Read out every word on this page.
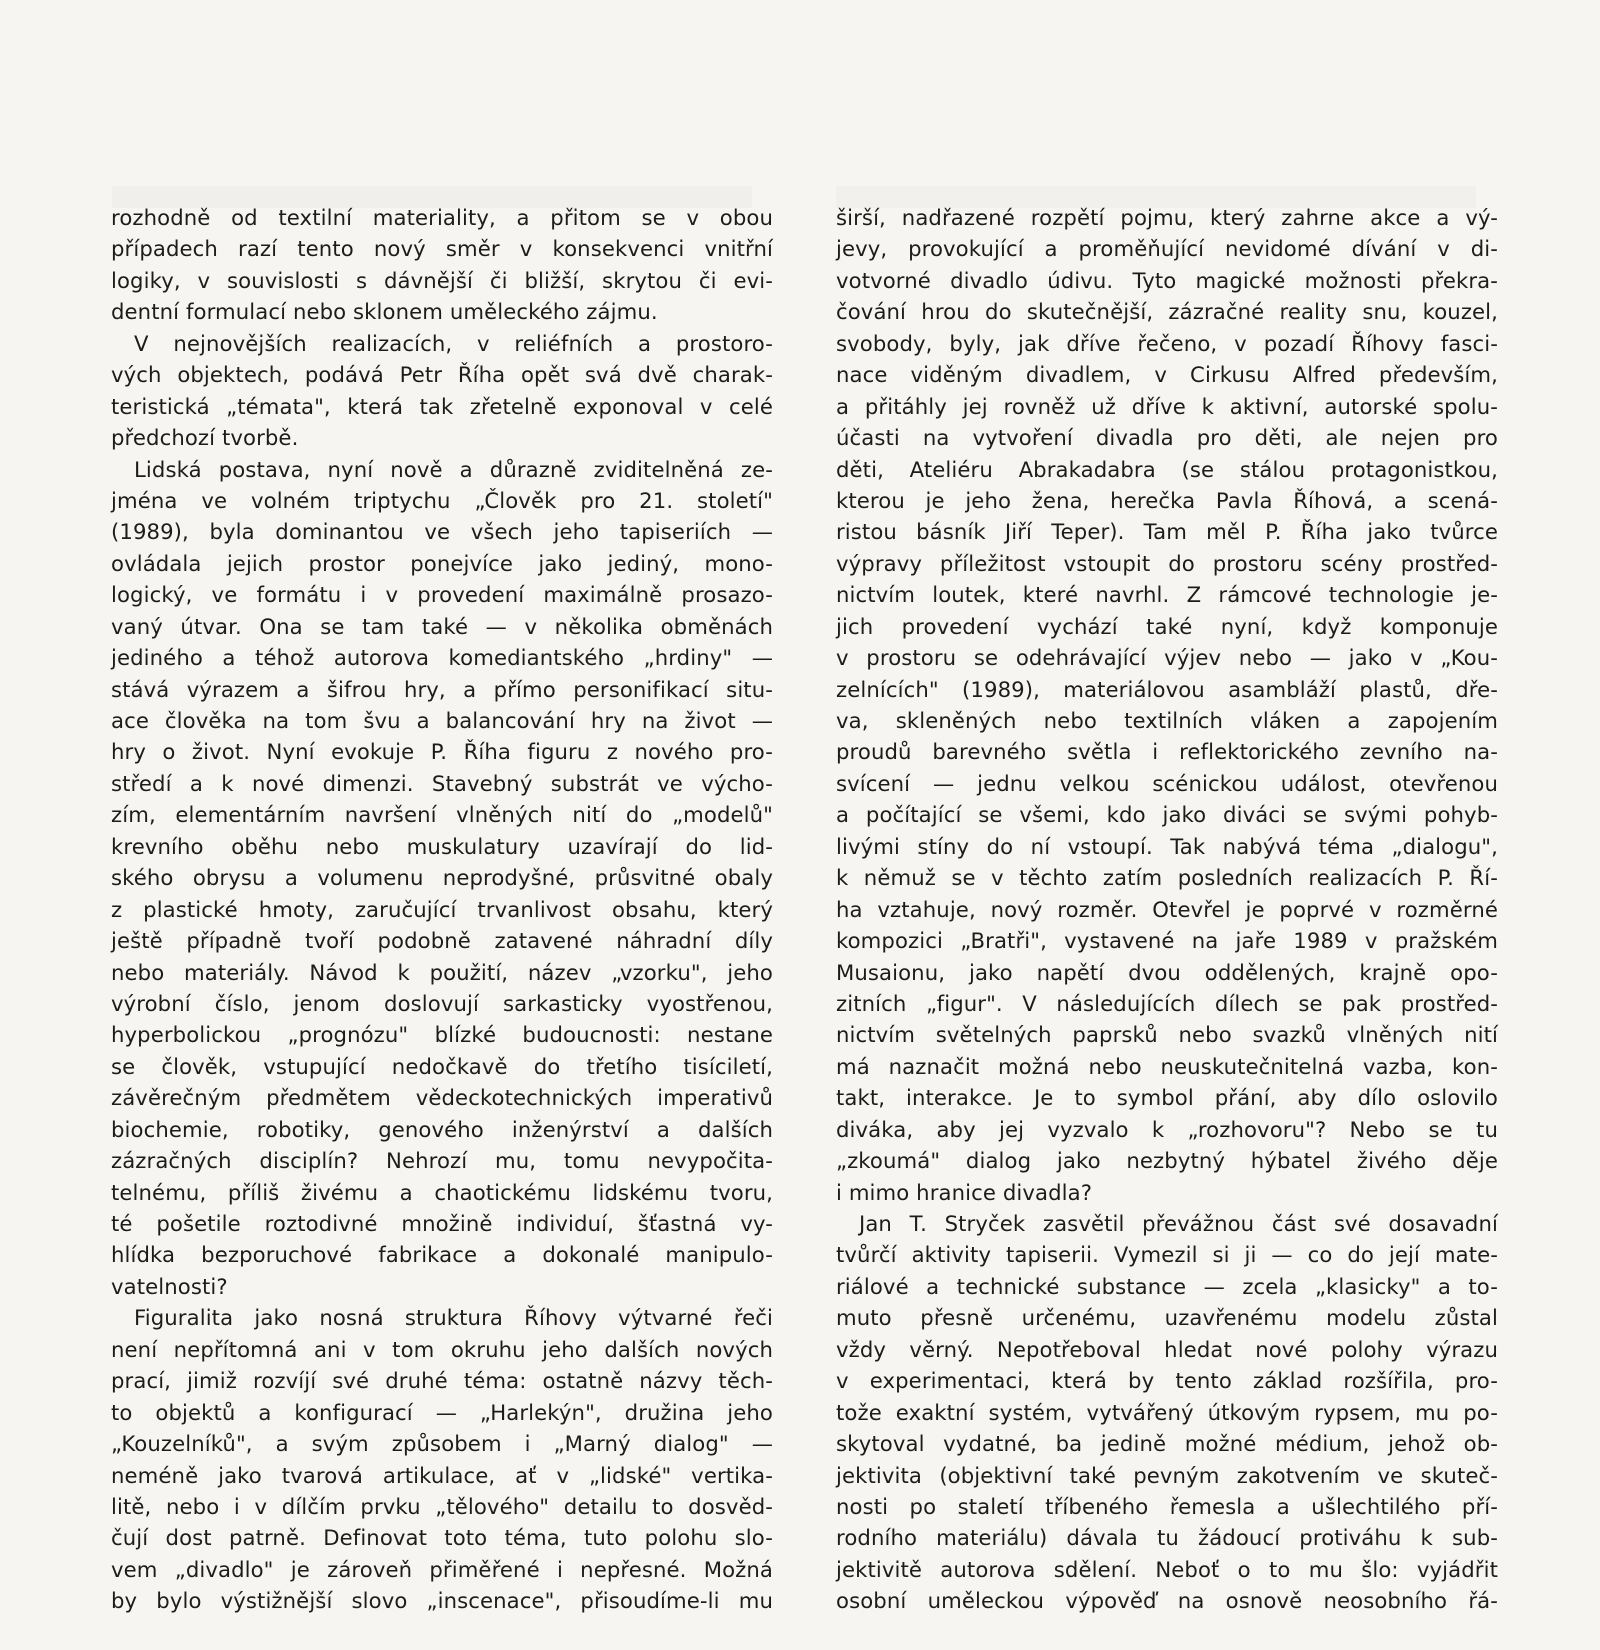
rozhodně od textilní materiality, a přitom se v obou
případech razí tento nový směr v konsekvenci vnitřní
logiky, v souvislosti s dávnější či bližší, skrytou či evi-
dentní formulací nebo sklonem uměleckého zájmu.
V nejnovějších realizacích, v reliéfních a prostoro-
vých objektech, podává Petr Říha opět svá dvě charak-
teristická „témata", která tak zřetelně exponoval v celé
předchozí tvorbě.
Lidská postava, nyní nově a důrazně zviditelněná ze-
jména ve volném triptychu „Člověk pro 21. století"
(1989), byla dominantou ve všech jeho tapiseriích —
ovládala jejich prostor ponejvíce jako jediný, mono-
logický, ve formátu i v provedení maximálně prosazo-
vaný útvar. Ona se tam také — v několika obměnách
jediného a téhož autorova komediantského „hrdiny" —
stává výrazem a šifrou hry, a přímo personifikací situ-
ace člověka na tom švu a balancování hry na život —
hry o život. Nyní evokuje P. Říha figuru z nového pro-
středí a k nové dimenzi. Stavebný substrát ve výcho-
zím, elementárním navršení vlněných nití do „modelů"
krevního oběhu nebo muskulatury uzavírají do lid-
ského obrysu a volumenu neprodyšné, průsvitné obaly
z plastické hmoty, zaručující trvanlivost obsahu, který
ještě případně tvoří podobně zatavené náhradní díly
nebo materiály. Návod k použití, název „vzorku", jeho
výrobní číslo, jenom doslovují sarkasticky vyostřenou,
hyperbolickou „prognózu" blízké budoucnosti: nestane
se člověk, vstupující nedočkavě do třetího tisíciletí,
závěrečným předmětem vědeckotechnických imperativů
biochemie, robotiky, genového inženýrství a dalších
zázračných disciplín? Nehrozí mu, tomu nevypočita-
telnému, příliš živému a chaotickému lidskému tvoru,
té pošetile roztodivné množině individuí, šťastná vy-
hlídka bezporuchové fabrikace a dokonalé manipulo-
vatelnosti?
Figuralita jako nosná struktura Říhovy výtvarné řeči
není nepřítomná ani v tom okruhu jeho dalších nových
prací, jimiž rozvíjí své druhé téma: ostatně názvy těch-
to objektů a konfigurací — „Harlekýn", družina jeho
„Kouzelníků", a svým způsobem i „Marný dialog" —
neméně jako tvarová artikulace, ať v „lidské" vertika-
litě, nebo i v dílčím prvku „tělového" detailu to dosvěd-
čují dost patrně. Definovat toto téma, tuto polohu slo-
vem „divadlo" je zároveň přiměřené i nepřesné. Možná
by bylo výstižnější slovo „inscenace", přisoudíme-li mu
širší, nadřazené rozpětí pojmu, který zahrne akce a vý-
jevy, provokující a proměňující nevidomé dívání v di-
votvorné divadlo údivu. Tyto magické možnosti překra-
čování hrou do skutečnější, zázračné reality snu, kouzel,
svobody, byly, jak dříve řečeno, v pozadí Říhovy fasci-
nace viděným divadlem, v Cirkusu Alfred především,
a přitáhly jej rovněž už dříve k aktivní, autorské spolu-
účasti na vytvoření divadla pro děti, ale nejen pro
děti, Ateliéru Abrakadabra (se stálou protagonistkou,
kterou je jeho žena, herečka Pavla Říhová, a scená-
ristou básník Jiří Teper). Tam měl P. Říha jako tvůrce
výpravy příležitost vstoupit do prostoru scény prostřed-
nictvím loutek, které navrhl. Z rámcové technologie je-
jich provedení vychází také nyní, když komponuje
v prostoru se odehrávající výjev nebo — jako v „Kou-
zelnících" (1989), materiálovou asambláží plastů, dře-
va, skleněných nebo textilních vláken a zapojením
proudů barevného světla i reflektorického zevního na-
svícení — jednu velkou scénickou událost, otevřenou
a počítající se všemi, kdo jako diváci se svými pohyb-
livými stíny do ní vstoupí. Tak nabývá téma „dialogu",
k němuž se v těchto zatím posledních realizacích P. Ří-
ha vztahuje, nový rozměr. Otevřel je poprvé v rozměrné
kompozici „Bratři", vystavené na jaře 1989 v pražském
Musaionu, jako napětí dvou oddělených, krajně opo-
zitních „figur". V následujících dílech se pak prostřed-
nictvím světelných paprsků nebo svazků vlněných nití
má naznačit možná nebo neuskutečnitelná vazba, kon-
takt, interakce. Je to symbol přání, aby dílo oslovilo
diváka, aby jej vyzvalo k „rozhovoru"? Nebo se tu
„zkoumá" dialog jako nezbytný hýbatel živého děje
i mimo hranice divadla?
Jan T. Stryček zasvětil převážnou část své dosavadní
tvůrčí aktivity tapiserii. Vymezil si ji — co do její mate-
riálové a technické substance — zcela „klasicky" a to-
muto přesně určenému, uzavřenému modelu zůstal
vždy věrný. Nepotřeboval hledat nové polohy výrazu
v experimentaci, která by tento základ rozšířila, pro-
tože exaktní systém, vytvářený útkovým rypsem, mu po-
skytoval vydatné, ba jedině možné médium, jehož ob-
jektivita (objektivní také pevným zakotvením ve skuteč-
nosti po staletí tříbeného řemesla a ušlechtilého pří-
rodního materiálu) dávala tu žádoucí protiváhu k sub-
jektivitě autorova sdělení. Neboť o to mu šlo: vyjádřit
osobní uměleckou výpověď na osnově neosobního řá-
